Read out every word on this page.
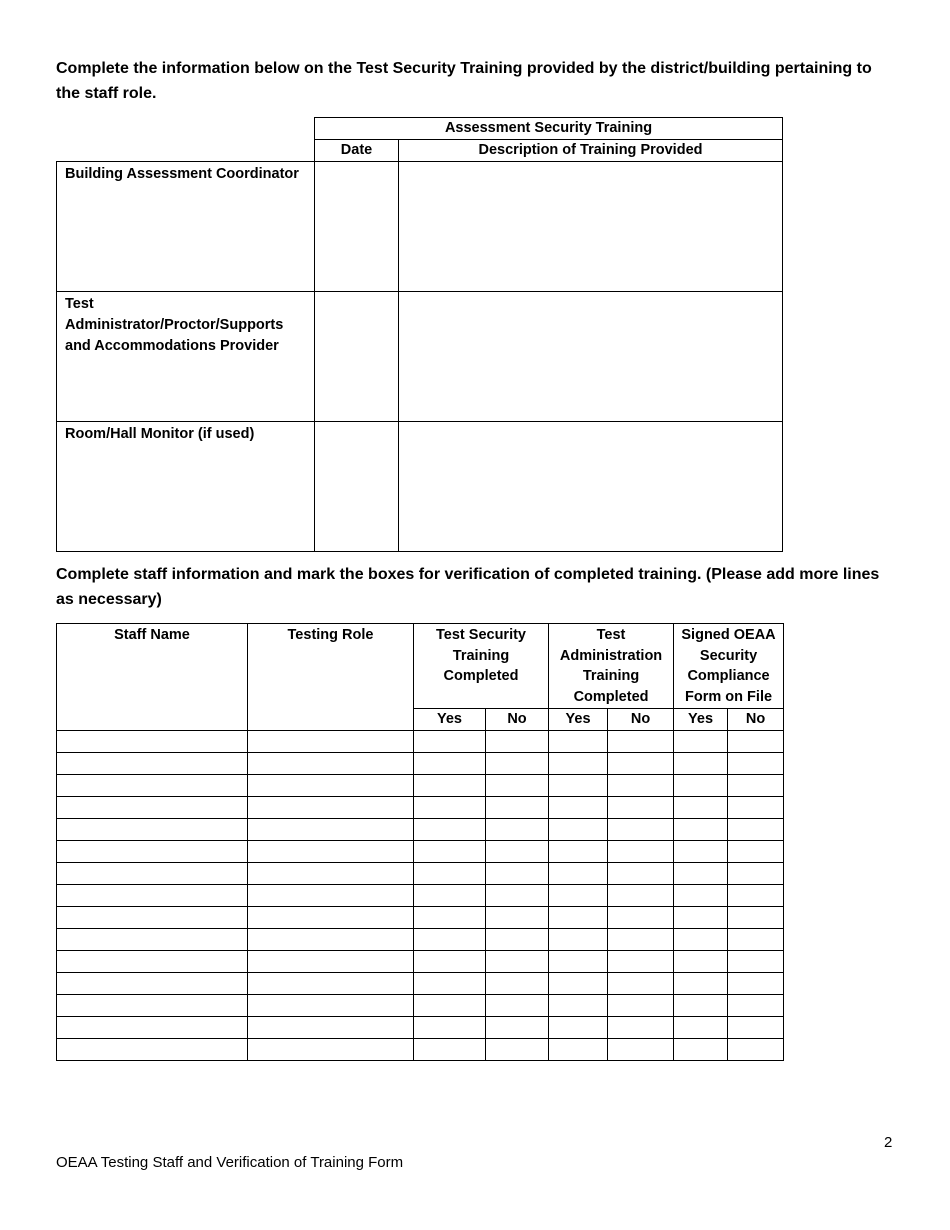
Complete the information below on the Test Security Training provided by the district/building pertaining to the staff role.

	Assessment Security Training	
	Date	Description of Training Provided
Building Assessment Coordinator		
Test Administrator/Proctor/Supports and Accommodations Provider		
Room/Hall Monitor (if used)		

Complete staff information and mark the boxes for verification of completed training. (Please add more lines as necessary)

Staff Name	Testing Role	Test Security Training Completed		Test Administration Training Completed		Signed OEAA Security Compliance Form on File	
		Yes	No	Yes	No	Yes	No

2
OEAA Testing Staff and Verification of Training Form
